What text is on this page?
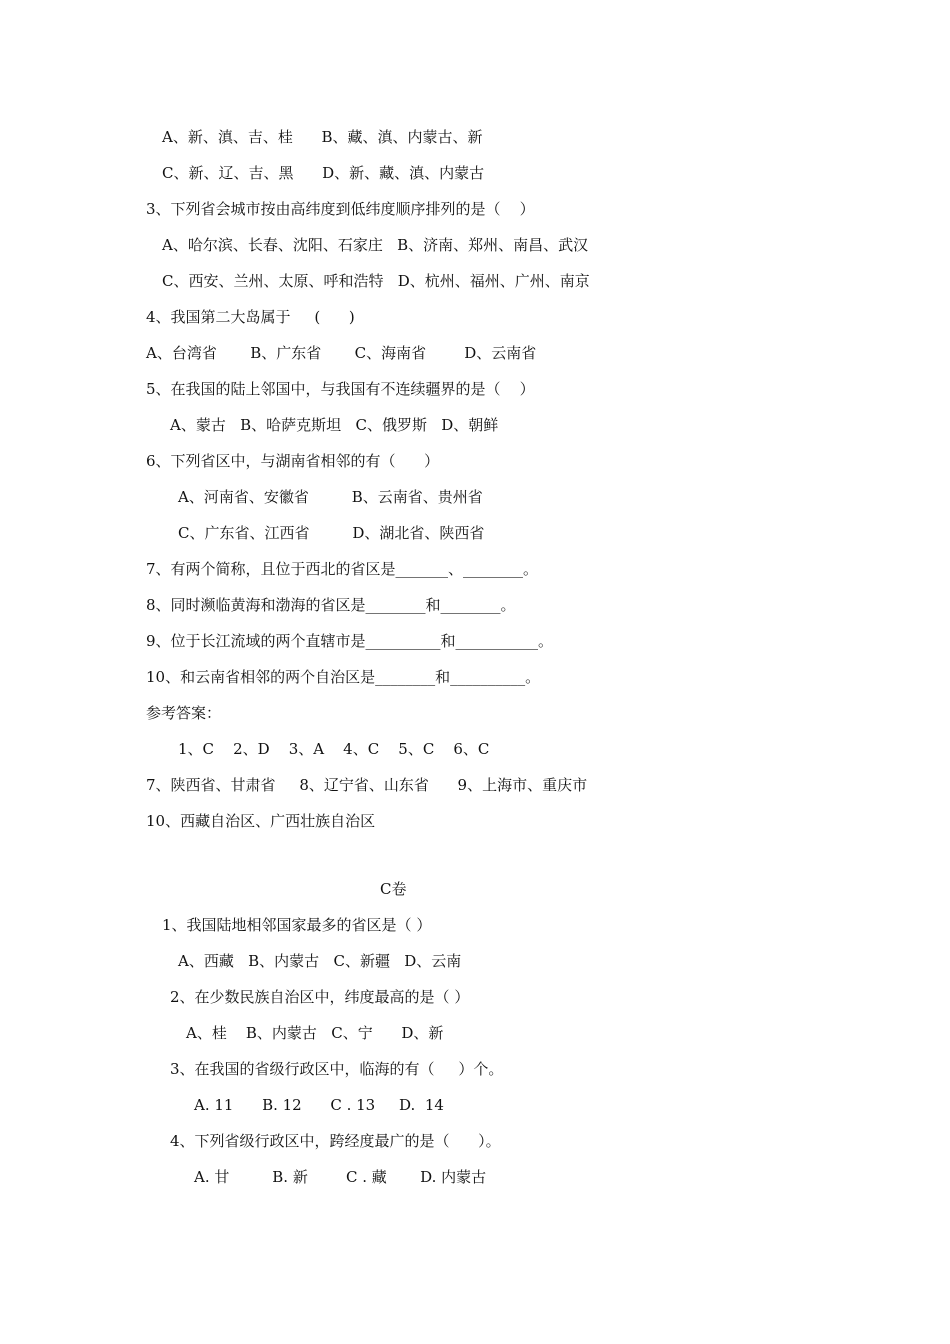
A、新、滇、吉、桂      B、藏、滇、内蒙古、新
C、新、辽、吉、黑      D、新、藏、滇、内蒙古
3、下列省会城市按由高纬度到低纬度顺序排列的是（    ）
A、哈尔滨、长春、沈阳、石家庄   B、济南、郑州、南昌、武汉
C、西安、兰州、太原、呼和浩特   D、杭州、福州、广州、南京
4、我国第二大岛属于     (      )
A、台湾省       B、广东省       C、海南省        D、云南省
5、在我国的陆上邻国中，与我国有不连续疆界的是（    ）
A、蒙古   B、哈萨克斯坦   C、俄罗斯   D、朝鲜
6、下列省区中，与湖南省相邻的有（      ）
A、河南省、安徽省         B、云南省、贵州省
C、广东省、江西省         D、湖北省、陕西省
7、有两个简称，且位于西北的省区是_______、________。
8、同时濒临黄海和渤海的省区是________和________。
9、位于长江流域的两个直辖市是__________和___________。
10、和云南省相邻的两个自治区是________和__________。
参考答案：
1、C    2、D    3、A    4、C    5、C    6、C
7、陕西省、甘肃省     8、辽宁省、山东省      9、上海市、重庆市
10、西藏自治区、广西壮族自治区
C卷
1、我国陆地相邻国家最多的省区是（ ）
A、西藏   B、内蒙古   C、新疆   D、云南
2、在少数民族自治区中，纬度最高的是（ ）
A、桂    B、内蒙古   C、宁      D、新
3、在我国的省级行政区中，临海的有（     ）个。
A. 11      B. 12      C . 13     D.  14
4、下列省级行政区中，跨经度最广的是（      ）。
A. 甘         B. 新        C . 藏       D. 内蒙古
